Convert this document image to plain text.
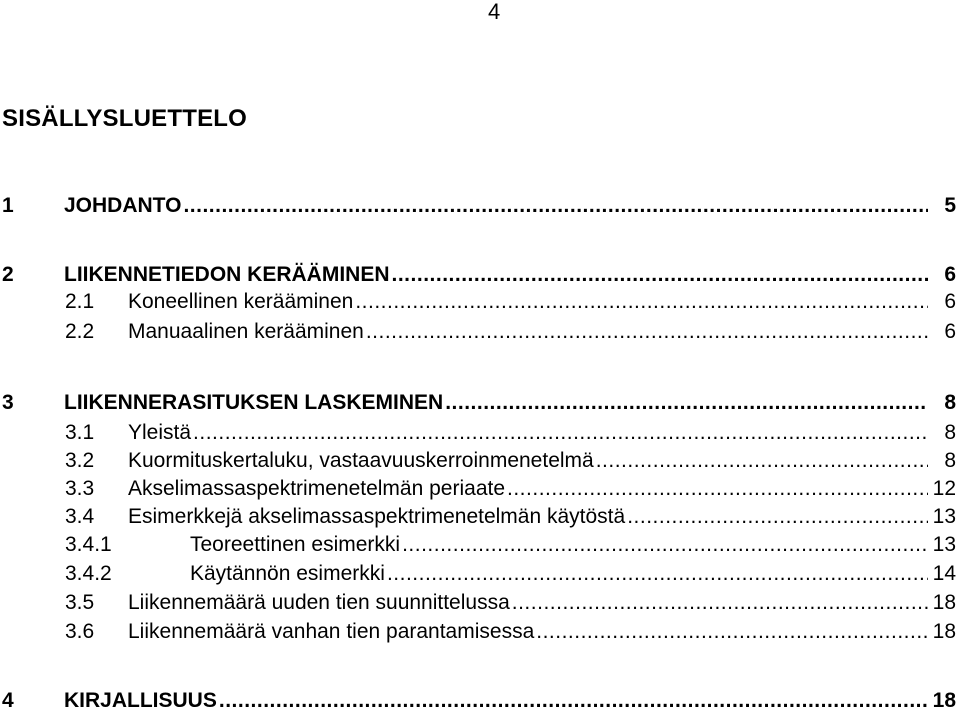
4
SISÄLLYSLUETTELO
1	JOHDANTO .....	5
2	LIIKENNETIEDON KERÄÄMINEN .....	6
2.1	Koneellinen kerääminen .....	6
2.2	Manuaalinen kerääminen .....	6
3	LIIKENNERASITUKSEN LASKEMINEN .....	8
3.1	Yleistä .....	8
3.2	Kuormituskertaluku, vastaavuuskerroinmenetelmä .....	8
3.3	Akselimassaspektrimenetelmän periaate .....	12
3.4	Esimerkkejä akselimassaspektrimenetelmän käytöstä .....	13
3.4.1	Teoreettinen esimerkki .....	13
3.4.2	Käytännön esimerkki .....	14
3.5	Liikennemäärä uuden tien suunnittelussa .....	18
3.6	Liikennemäärä vanhan tien parantamisessa .....	18
4	KIRJALLISUUS .....	18
